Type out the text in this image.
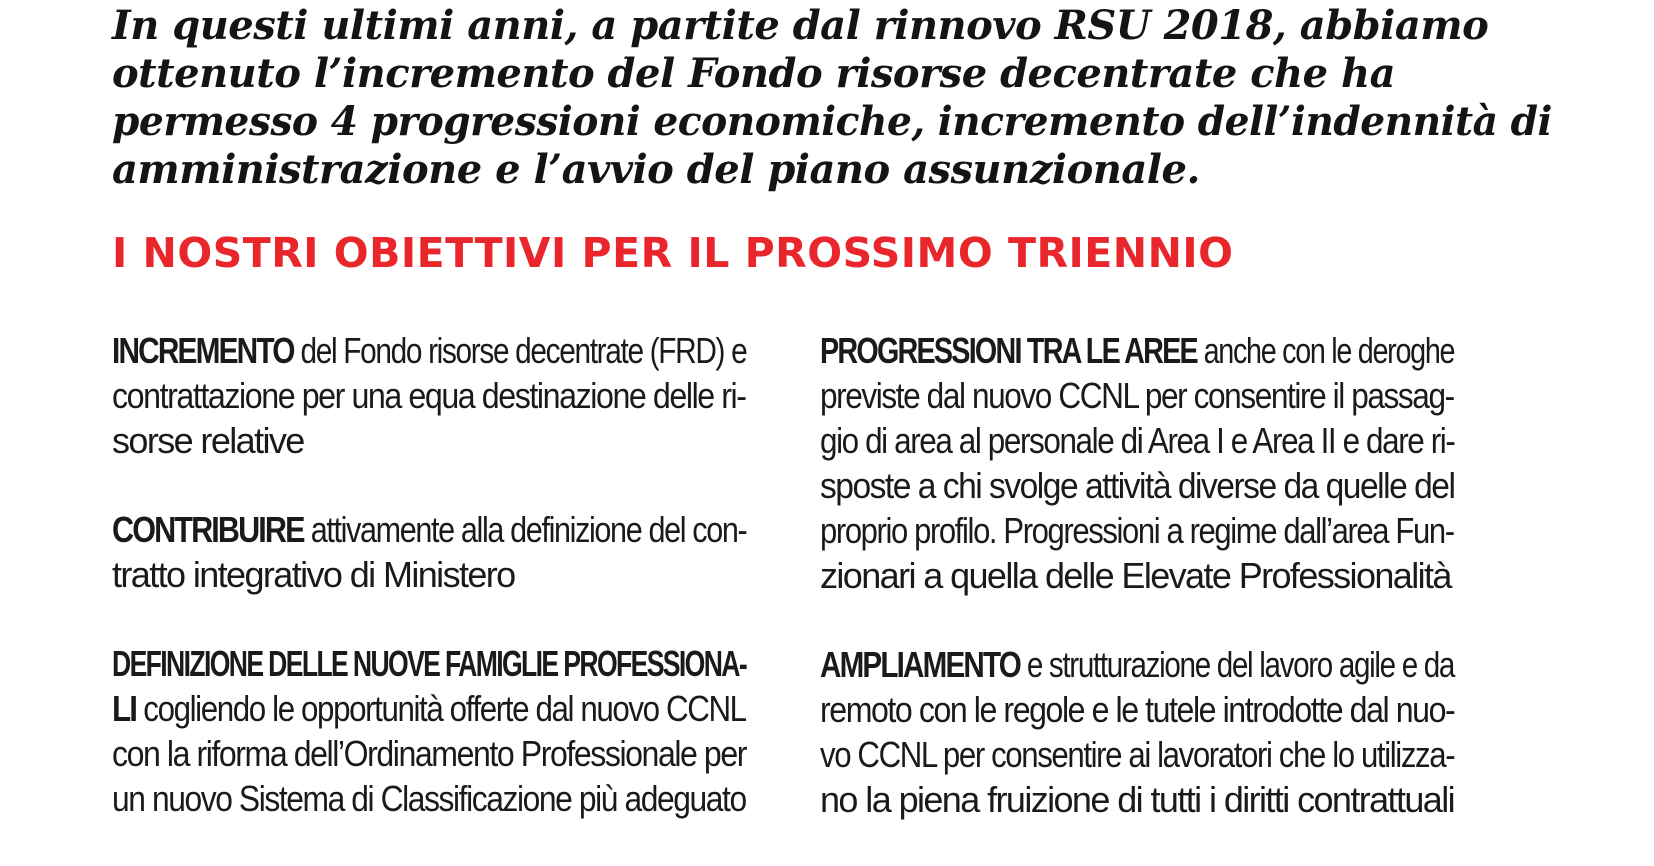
In questi ultimi anni, a partite dal rinnovo RSU 2018, abbiamo
ottenuto l’incremento del Fondo risorse decentrate che ha
permesso 4 progressioni economiche, incremento dell’indennità di
amministrazione e l’avvio del piano assunzionale.
I NOSTRI OBIETTIVI PER IL PROSSIMO TRIENNIO
INCREMENTO del Fondo risorse decentrate (FRD) e
contrattazione per una equa destinazione delle ri-
sorse relative
CONTRIBUIRE attivamente alla definizione del con-
tratto integrativo di Ministero
DEFINIZIONE DELLE NUOVE FAMIGLIE PROFESSIONA-
LI cogliendo le opportunità offerte dal nuovo CCNL
con la riforma dell’Ordinamento Professionale per
un nuovo Sistema di Classificazione più adeguato
PROGRESSIONI TRA LE AREE anche con le deroghe
previste dal nuovo CCNL per consentire il passag-
gio di area al personale di Area I e Area II e dare ri-
sposte a chi svolge attività diverse da quelle del
proprio profilo. Progressioni a regime dall’area Fun-
zionari a quella delle Elevate Professionalità
AMPLIAMENTO e strutturazione del lavoro agile e da
remoto con le regole e le tutele introdotte dal nuo-
vo CCNL per consentire ai lavoratori che lo utilizza-
no la piena fruizione di tutti i diritti contrattuali
